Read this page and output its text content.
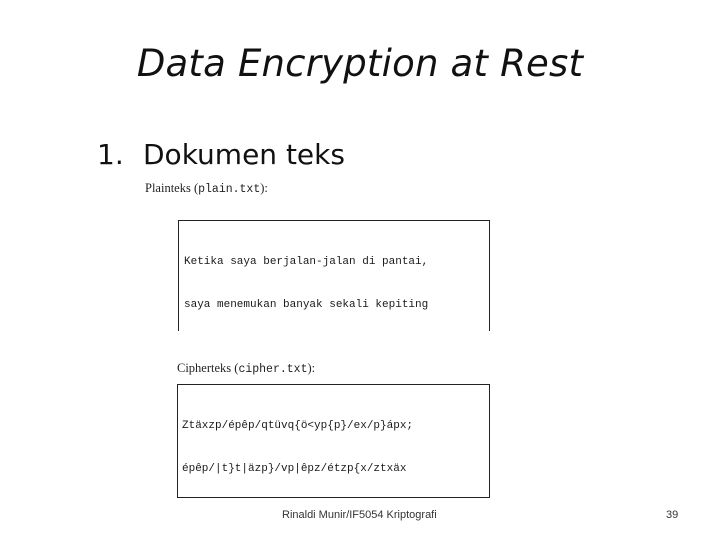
Data Encryption at Rest
1. Dokumen teks
Plainteks (plain.txt):

Ketika saya berjalan-jalan di pantai,

saya menemukan banyak sekali kepiting

Cipherteks (cipher.txt):

Ztäxzp/épêp/qtüvq{ö<yp{p}/ex/p}ápx;

épêp/|t}t|äzp}/vp|êpz/étzp{x/ztxäx

Rinaldi Munir/IF5054 Kriptografi	39
